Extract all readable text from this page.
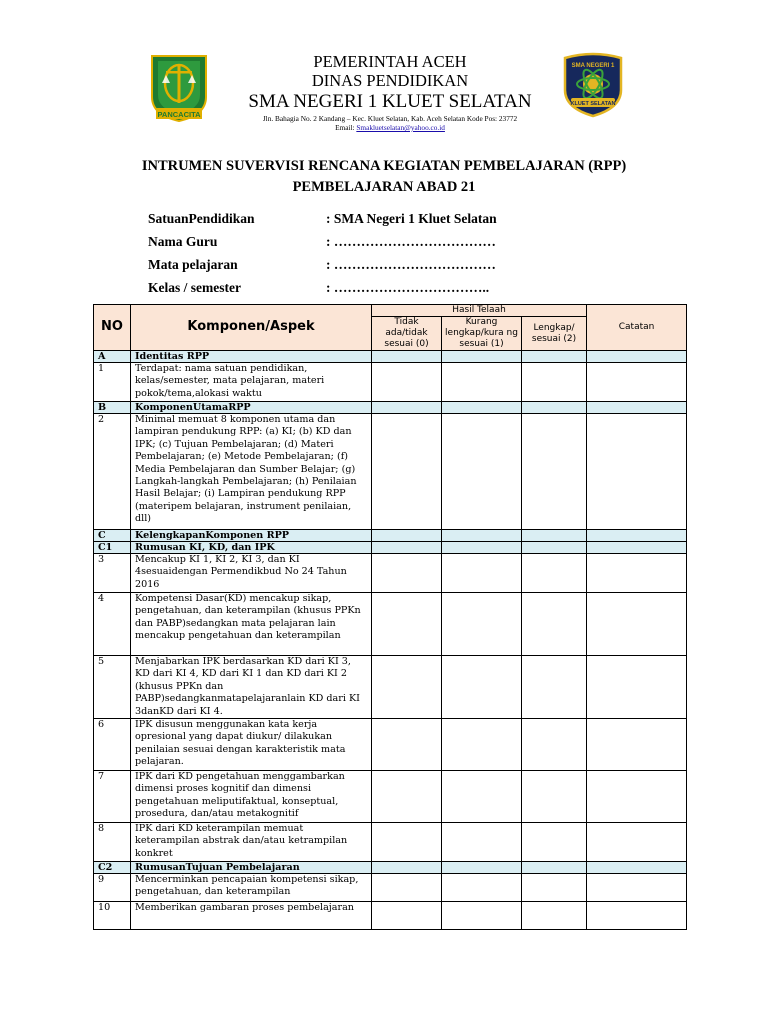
PANCACITA
PEMERINTAH ACEH
DINAS PENDIDIKAN
SMA NEGERI 1 KLUET SELATAN
Jln. Bahagia No. 2 Kandang – Kec. Kluet Selatan, Kab. Aceh Selatan Kode Pos: 23772
Email: Smakluetselatan@yahoo.co.id
SMA NEGERI 1
KLUET SELATAN
INTRUMEN SUVERVISI RENCANA KEGIATAN PEMBELAJARAN (RPP)
PEMBELAJARAN ABAD 21
SatuanPendidikan	: SMA Negeri 1 Kluet Selatan
Nama Guru	: ………………………………
Mata pelajaran	: ………………………………
Kelas / semester	: ……………………………..
NO	Komponen/Aspek	Hasil Telaah			Catatan
		Tidak ada/tidak sesuai (0)	Kurang lengkap/kura ng sesuai (1)	Lengkap/ sesuai (2)	
A	Identitas RPP				
1	Terdapat: nama satuan pendidikan, kelas/semester, mata pelajaran, materi pokok/tema,alokasi waktu				
B	KomponenUtamaRPP				
2	Minimal memuat 8 komponen utama dan lampiran pendukung RPP: (a) KI; (b) KD dan IPK; (c) Tujuan Pembelajaran; (d) Materi Pembelajaran; (e) Metode Pembelajaran; (f) Media Pembelajaran dan Sumber Belajar; (g) Langkah-langkah Pembelajaran; (h) Penilaian Hasil Belajar; (i) Lampiran pendukung RPP (materipem belajaran, instrument penilaian, dll)				
C	KelengkapanKomponen RPP				
C1	Rumusan KI, KD, dan IPK				
3	Mencakup KI 1, KI 2, KI 3, dan KI 4sesuaidengan Permendikbud No 24 Tahun 2016				
4	Kompetensi Dasar(KD) mencakup sikap, pengetahuan, dan keterampilan (khusus PPKn dan PABP)sedangkan mata pelajaran lain mencakup pengetahuan dan keterampilan				
5	Menjabarkan IPK berdasarkan KD dari KI 3, KD dari KI 4, KD dari KI 1 dan KD dari KI 2 (khusus PPKn dan PABP)sedangkanmatapelajaranlain KD dari KI 3danKD dari KI 4.				
6	IPK disusun menggunakan kata kerja opresional yang dapat diukur/ dilakukan penilaian sesuai dengan karakteristik mata pelajaran.				
7	IPK dari KD pengetahuan menggambarkan dimensi proses kognitif dan dimensi pengetahuan meliputifaktual, konseptual, prosedura, dan/atau metakognitif				
8	IPK dari KD keterampilan memuat keterampilan abstrak dan/atau ketrampilan konkret				
C2	RumusanTujuan Pembelajaran				
9	Mencerminkan pencapaian kompetensi sikap, pengetahuan, dan keterampilan				
10	Memberikan gambaran proses pembelajaran				
